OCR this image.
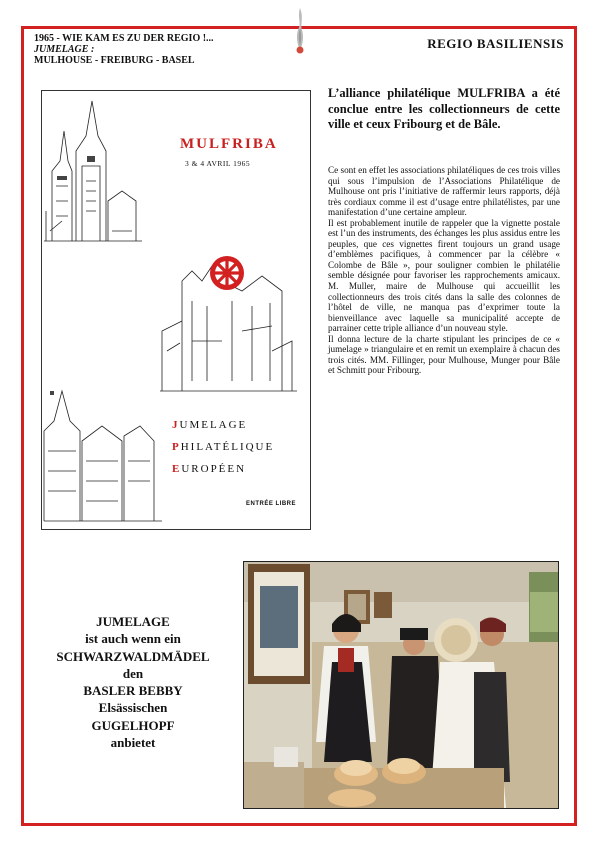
1965 - WIE KAM ES ZU DER REGIO !...
JUMELAGE :
MULHOUSE - FREIBURG - BASEL
REGIO BASILIENSIS
MULFRIBA
3 & 4 AVRIL 1965
JUMELAGE
PHILATÉLIQUE
EUROPÉEN
ENTRÉE LIBRE
L’alliance philatélique MULFRIBA a été conclue entre les collectionneurs de cette ville et ceux Fribourg et de Bâle.

Ce sont en effet les associations philatéliques de ces trois villes qui sous l’impulsion de l’Associations Philatélique de Mulhouse ont pris l’initiative de raffermir leurs rapports, déjà très cordiaux comme il est d’usage entre philatélistes, par une manifestation d’une certaine ampleur.

Il est probablement inutile de rappeler que la vignette postale est l’un des instruments, des échanges les plus assidus entre les peuples, que ces vignettes firent toujours un grand usage d’emblèmes pacifiques, à commencer par la célèbre « Colombe de Bâle », pour souligner combien le philatélie semble désignée pour favoriser les rapprochements amicaux. M. Muller, maire de Mulhouse qui accueillit les collectionneurs des trois cités dans la salle des colonnes de l’hôtel de ville, ne manqua pas d’exprimer toute la bienveillance avec laquelle sa municipalité accepte de parrainer cette triple alliance d’un nouveau style.

Il donna lecture de la charte stipulant les principes de ce « jumelage » triangulaire et en remit un exemplaire à chacun des trois cités. MM. Fillinger, pour Mulhouse, Munger pour Bâle et Schmitt pour Fribourg.

JUMELAGE
ist auch wenn ein
SCHWARZWALDMÄDEL
den
BASLER BEBBY
Elsässischen
GUGELHOPF
anbietet
